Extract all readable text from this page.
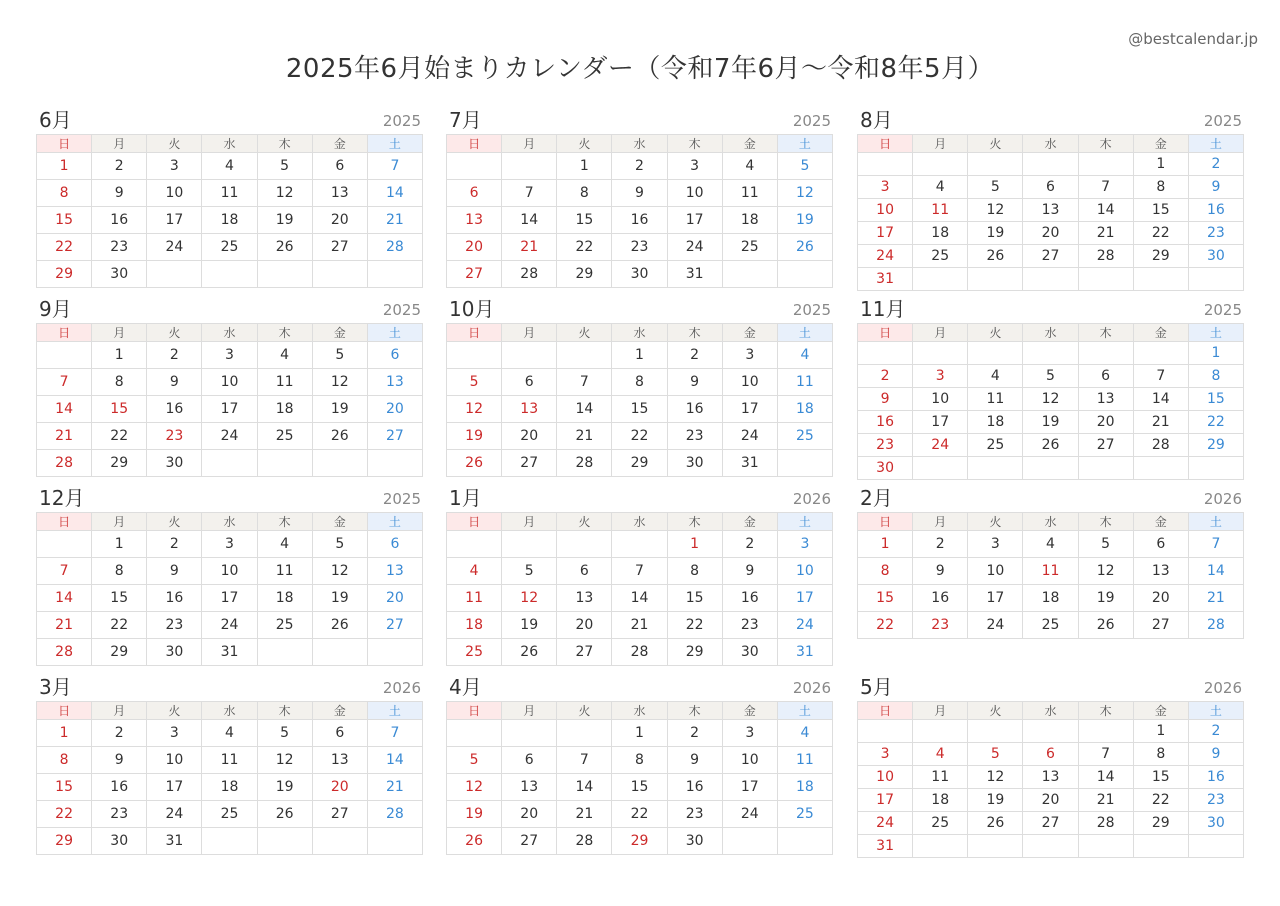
@bestcalendar.jp
2025年6月始まりカレンダー（令和7年6月〜令和8年5月）
6月	2025
日	月	火	水	木	金	土
1	2	3	4	5	6	7
8	9	10	11	12	13	14
15	16	17	18	19	20	21
22	23	24	25	26	27	28
29	30					
7月	2025
日	月	火	水	木	金	土
		1	2	3	4	5
6	7	8	9	10	11	12
13	14	15	16	17	18	19
20	21	22	23	24	25	26
27	28	29	30	31		
8月	2025
日	月	火	水	木	金	土
					1	2
3	4	5	6	7	8	9
10	11	12	13	14	15	16
17	18	19	20	21	22	23
24	25	26	27	28	29	30
31						
9月	2025
日	月	火	水	木	金	土
	1	2	3	4	5	6
7	8	9	10	11	12	13
14	15	16	17	18	19	20
21	22	23	24	25	26	27
28	29	30				
10月	2025
日	月	火	水	木	金	土
			1	2	3	4
5	6	7	8	9	10	11
12	13	14	15	16	17	18
19	20	21	22	23	24	25
26	27	28	29	30	31	
11月	2025
日	月	火	水	木	金	土
						1
2	3	4	5	6	7	8
9	10	11	12	13	14	15
16	17	18	19	20	21	22
23	24	25	26	27	28	29
30						
12月	2025
日	月	火	水	木	金	土
	1	2	3	4	5	6
7	8	9	10	11	12	13
14	15	16	17	18	19	20
21	22	23	24	25	26	27
28	29	30	31			
1月	2026
日	月	火	水	木	金	土
				1	2	3
4	5	6	7	8	9	10
11	12	13	14	15	16	17
18	19	20	21	22	23	24
25	26	27	28	29	30	31
2月	2026
日	月	火	水	木	金	土
1	2	3	4	5	6	7
8	9	10	11	12	13	14
15	16	17	18	19	20	21
22	23	24	25	26	27	28
3月	2026
日	月	火	水	木	金	土
1	2	3	4	5	6	7
8	9	10	11	12	13	14
15	16	17	18	19	20	21
22	23	24	25	26	27	28
29	30	31				
4月	2026
日	月	火	水	木	金	土
			1	2	3	4
5	6	7	8	9	10	11
12	13	14	15	16	17	18
19	20	21	22	23	24	25
26	27	28	29	30		
5月	2026
日	月	火	水	木	金	土
					1	2
3	4	5	6	7	8	9
10	11	12	13	14	15	16
17	18	19	20	21	22	23
24	25	26	27	28	29	30
31						
